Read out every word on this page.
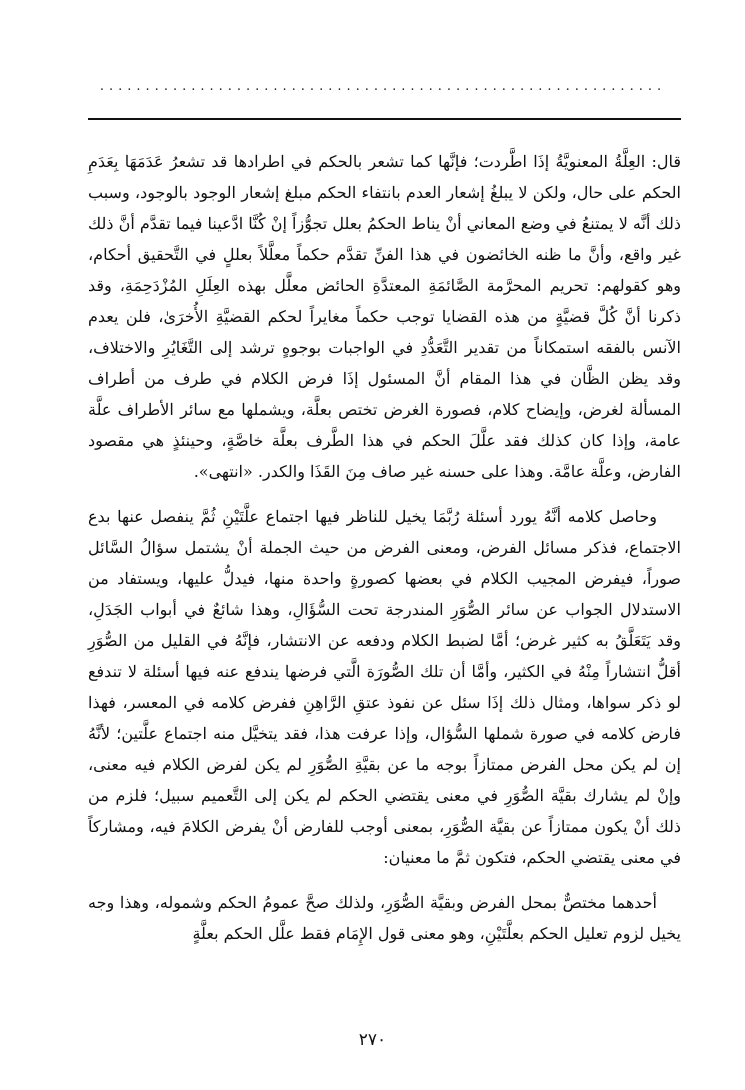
..............................................................

قال: العِلَّةُ المعنويَّةُ إذَا اطَّردت؛ فإنَّها كما تشعر بالحكم في اطرادها قد تشعرُ عَدَمَهَا بِعَدَمِ الحكم على حال، ولكن لا يبلغُ إشعار العدم بانتفاء الحكم مبلغ إشعار الوجود بالوجود، وسبب ذلك أنَّه لا يمتنعُ في وضع المعاني أنْ يناط الحكمُ بعلل تجوُّزاً إنْ كُنَّا ادَّعينا فيما تقدَّم أنَّ ذلك غير واقع، وأنَّ ما ظنه الخائضون في هذا الفنِّ تقدَّم حكماً معلَّلاً بعللٍ في التَّحقيق أحكام، وهو كقولهم: تحريم المحرَّمة الصَّائمَةِ المعتدَّةِ الحائض معلَّل بهذه العِلَلِ المُزْدَحِمَةِ، وقد ذكرنا أنَّ كُلَّ قضيَّةٍ من هذه القضايا توجب حكماً مغايراً لحكم القضيَّةِ الأُخرَىٰ، فلن يعدم الآنس بالفقه استمكاناً من تقدير التَّعَدُّدِ في الواجبات بوجوهٍ ترشد إلى التَّغَايُرِ والاختلاف، وقد يظن الظَّان في هذا المقام أنَّ المسئول إذَا فرض الكلام في طرف من أطراف المسألة لغرض، وإيضاح كلام، فصورة الغرض تختص بعلَّة، ويشملها مع سائر الأطراف علَّة عامة، وإذا كان كذلك فقد علَّلَ الحكم في هذا الطَّرف بعلَّة خاصَّةٍ، وحينئذٍ هي مقصود الفارض، وعلَّة عامَّة. وهذا على حسنه غير صاف مِنَ القَذَا والكدر. «انتهى».

وحاصل كلامه أنَّهُ يورد أسئلة رُبَّمَا يخيل للناظر فيها اجتماع علَّتَيْنِ ثُمَّ ينفصل عنها بدع الاجتماع، فذكر مسائل الفرض، ومعنى الفرض من حيث الجملة أنْ يشتمل سؤالُ السَّائل صوراً، فيفرض المجيب الكلام في بعضها كصورةٍ واحدة منها، فيدلُّ عليها، ويستفاد من الاستدلال الجواب عن سائر الصُّوَرِ المندرجة تحت السُّؤَالِ، وهذا شائعٌ في أبواب الجَدَلِ، وقد يَتَعَلَّقُ به كثير غرض؛ أمَّا لضبط الكلام ودفعه عن الانتشار، فإنَّهُ في القليل من الصُّوَرِ أقلُّ انتشاراً مِنْهُ في الكثير، وأمَّا أن تلك الصُّورَة الَّتي فرضها يندفع عنه فيها أسئلة لا تندفع لو ذكر سواها، ومثال ذلك إذَا سئل عن نفوذ عتقِ الرَّاهِنِ ففرض كلامه في المعسر، فهذا فارض كلامه في صورة شملها السُّؤال، وإذا عرفت هذا، فقد يتخيَّل منه اجتماع علَّتين؛ لأنَّهُ إن لم يكن محل الفرض ممتازاً بوجه ما عن بقيَّةِ الصُّوَرِ لم يكن لفرض الكلام فيه معنى، وإنْ لم يشارك بقيَّة الصُّوَرِ في معنى يقتضي الحكم لم يكن إلى التَّعميم سبيل؛ فلزم من ذلك أنْ يكون ممتازاً عن بقيَّة الصُّوَرِ، بمعنى أوجب للفارض أنْ يفرض الكلامَ فيه، ومشاركاً في معنى يقتضي الحكم، فتكون ثمَّ ما معنيان:

أحدهما مختصٌّ بمحل الفرض وبقيَّة الصُّوَرِ، ولذلك صحَّ عمومُ الحكم وشموله، وهذا وجه يخيل لزوم تعليل الحكم بعلَّتَيْنِ، وهو معنى قول الإِمَام فقط علَّل الحكم بعلَّةٍ

٢٧٠
